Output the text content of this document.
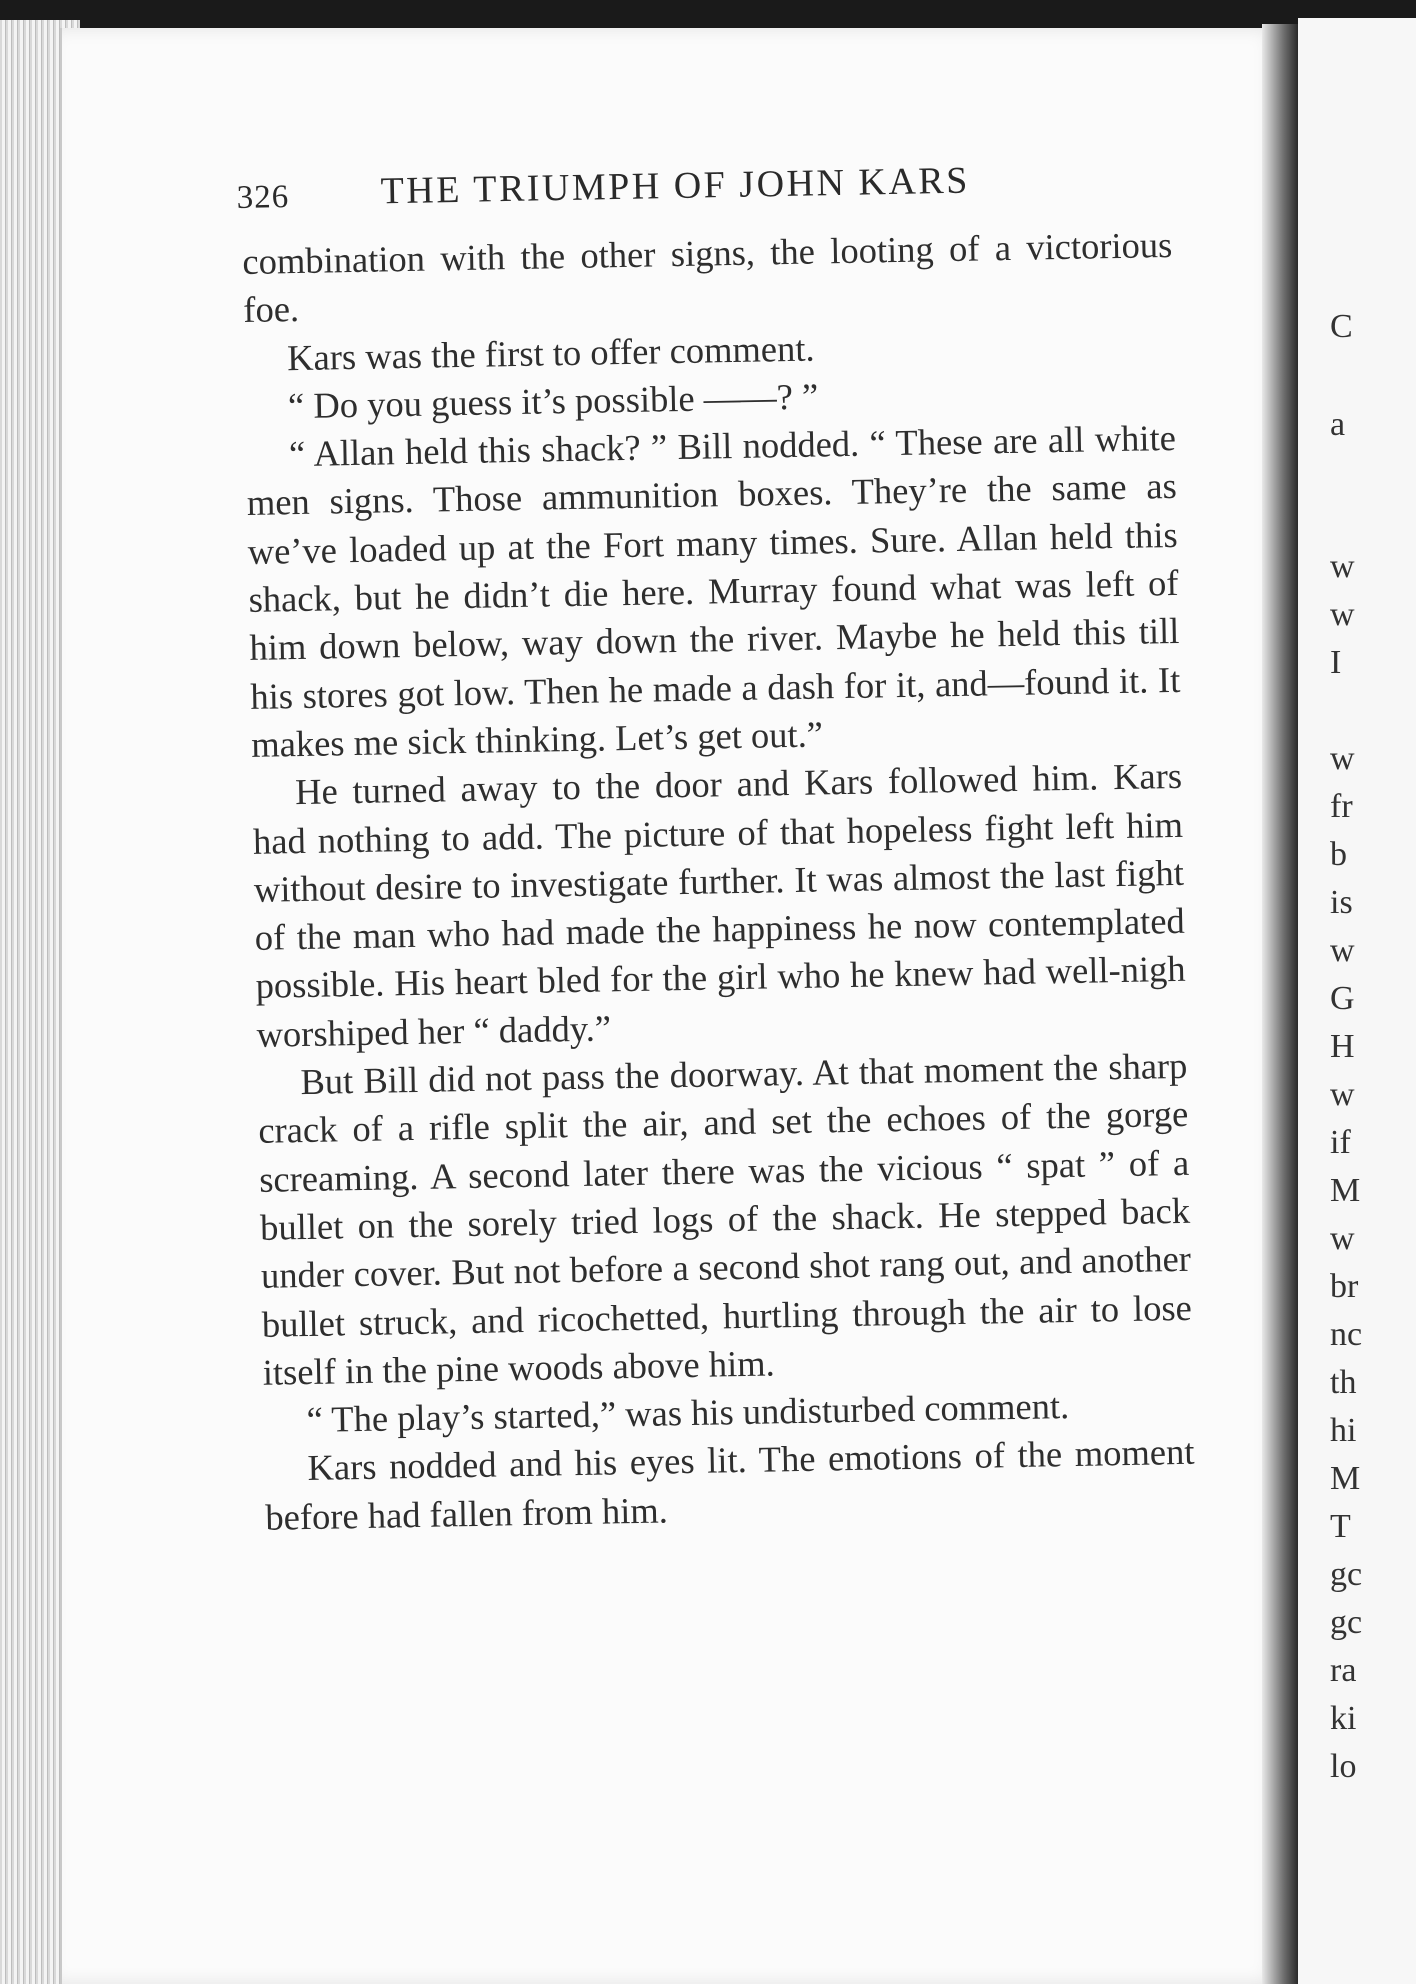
C
a
w
w
I
w
fr
b
is
w
G
H
w
if
M
w
br
nc
th
hi
M
T
gc
gc
ra
ki
lo
326 THE TRIUMPH OF JOHN KARS

combination with the other signs, the looting of a victorious foe.

Kars was the first to offer comment.

“ Do you guess it’s possible ——? ”

“ Allan held this shack? ” Bill nodded. “ These are all white men signs. Those ammunition boxes. They’re the same as we’ve loaded up at the Fort many times. Sure. Allan held this shack, but he didn’t die here. Murray found what was left of him down below, way down the river. Maybe he held this till his stores got low. Then he made a dash for it, and—found it. It makes me sick thinking. Let’s get out.”

He turned away to the door and Kars followed him. Kars had nothing to add. The picture of that hopeless fight left him without desire to investigate further. It was almost the last fight of the man who had made the happiness he now contemplated possible. His heart bled for the girl who he knew had well-nigh worshiped her “ daddy.”

But Bill did not pass the doorway. At that moment the sharp crack of a rifle split the air, and set the echoes of the gorge screaming. A second later there was the vicious “ spat ” of a bullet on the sorely tried logs of the shack. He stepped back under cover. But not before a second shot rang out, and another bullet struck, and ricochetted, hurtling through the air to lose itself in the pine woods above him.

“ The play’s started,” was his undisturbed comment.

Kars nodded and his eyes lit. The emotions of the moment before had fallen from him.
